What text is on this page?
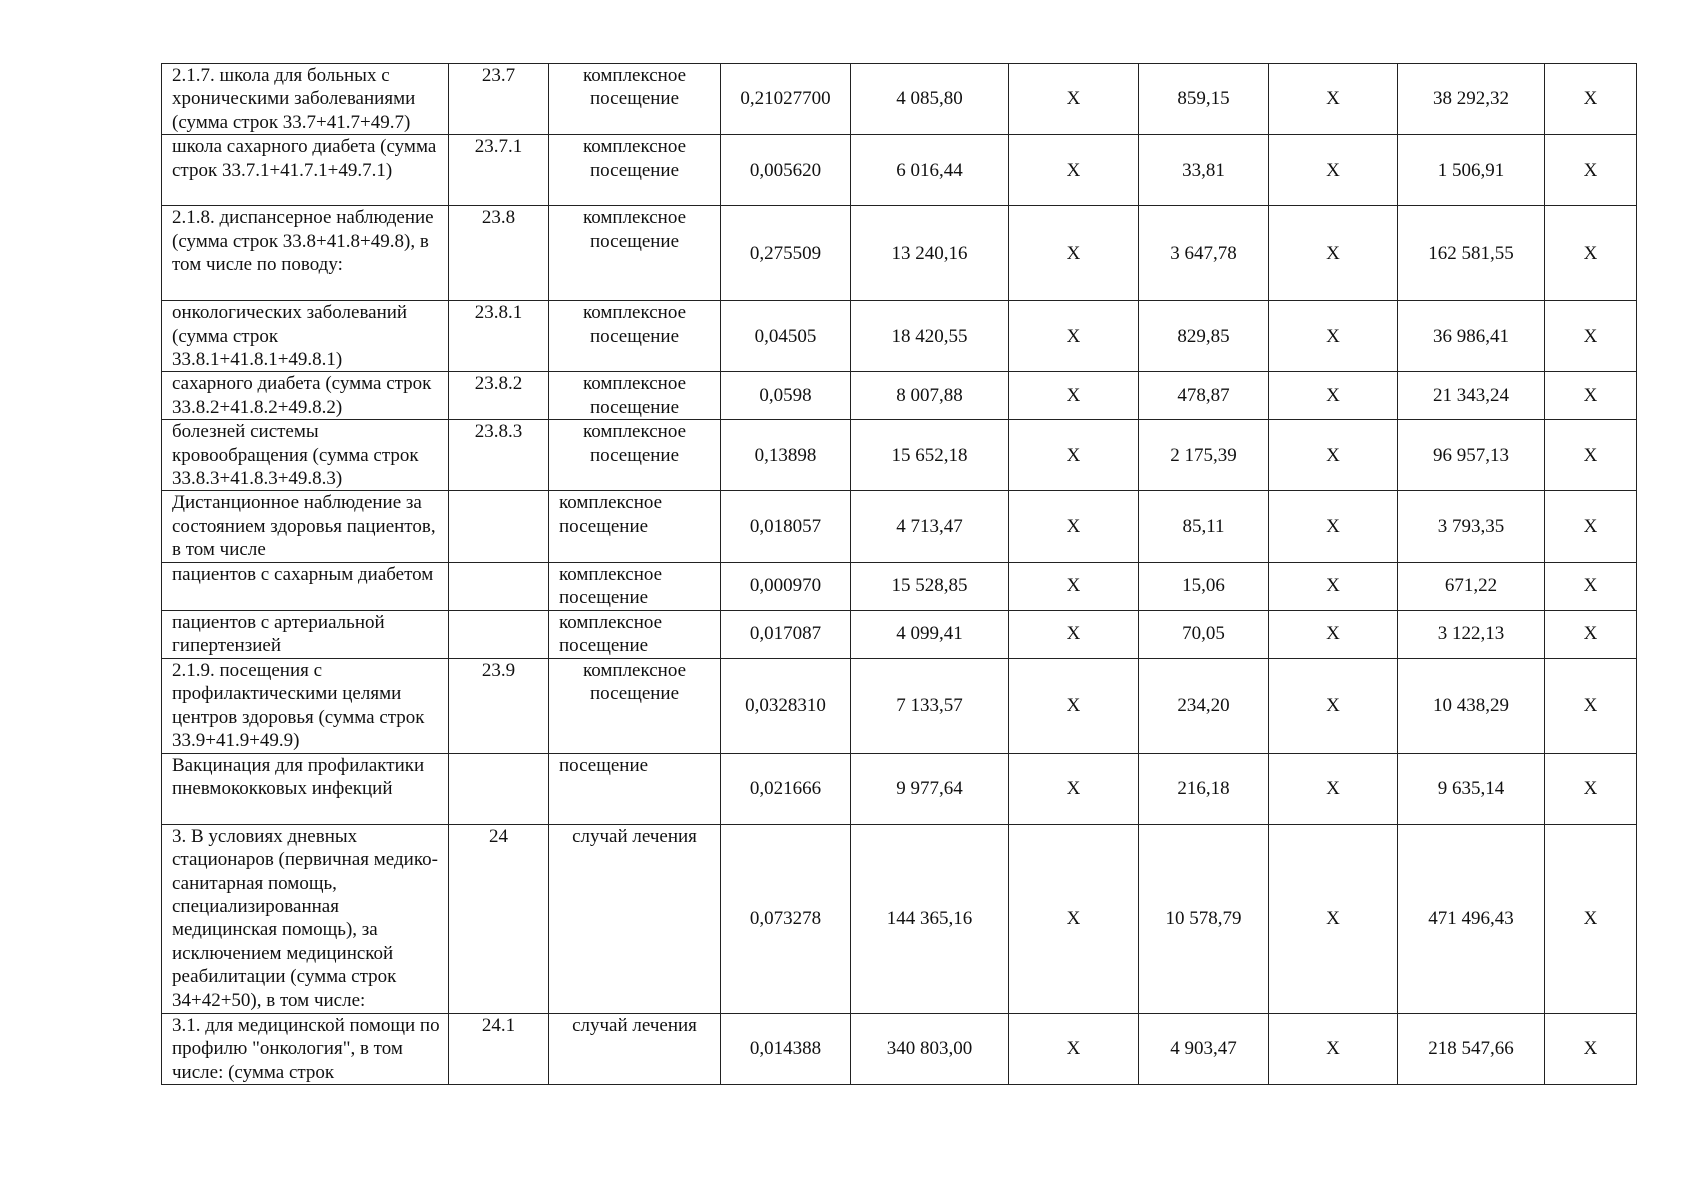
2.1.7. школа для больных с хроническими заболеваниями (сумма строк 33.7+41.7+49.7)	23.7	комплексное посещение	0,21027700	4 085,80	X	859,15	X	38 292,32	X
школа сахарного диабета (сумма строк 33.7.1+41.7.1+49.7.1)	23.7.1	комплексное посещение	0,005620	6 016,44	X	33,81	X	1 506,91	X
2.1.8. диспансерное наблюдение (сумма строк 33.8+41.8+49.8), в том числе по поводу:	23.8	комплексное посещение	0,275509	13 240,16	X	3 647,78	X	162 581,55	X
онкологических заболеваний (сумма строк 33.8.1+41.8.1+49.8.1)	23.8.1	комплексное посещение	0,04505	18 420,55	X	829,85	X	36 986,41	X
сахарного диабета (сумма строк 33.8.2+41.8.2+49.8.2)	23.8.2	комплексное посещение	0,0598	8 007,88	X	478,87	X	21 343,24	X
болезней системы кровообращения (сумма строк 33.8.3+41.8.3+49.8.3)	23.8.3	комплексное посещение	0,13898	15 652,18	X	2 175,39	X	96 957,13	X
Дистанционное наблюдение за состоянием здоровья пациентов, в том числе		комплексное посещение	0,018057	4 713,47	X	85,11	X	3 793,35	X
пациентов с сахарным диабетом		комплексное посещение	0,000970	15 528,85	X	15,06	X	671,22	X
пациентов с артериальной гипертензией		комплексное посещение	0,017087	4 099,41	X	70,05	X	3 122,13	X
2.1.9. посещения с профилактическими целями центров здоровья (сумма строк 33.9+41.9+49.9)	23.9	комплексное посещение	0,0328310	7 133,57	X	234,20	X	10 438,29	X
Вакцинация для профилактики пневмококковых инфекций		посещение	0,021666	9 977,64	X	216,18	X	9 635,14	X
3. В условиях дневных стационаров (первичная медико-санитарная помощь, специализированная медицинская помощь), за исключением медицинской реабилитации (сумма строк 34+42+50), в том числе:	24	случай лечения	0,073278	144 365,16	X	10 578,79	X	471 496,43	X
3.1. для медицинской помощи по профилю "онкология", в том числе: (сумма строк	24.1	случай лечения	0,014388	340 803,00	X	4 903,47	X	218 547,66	X
